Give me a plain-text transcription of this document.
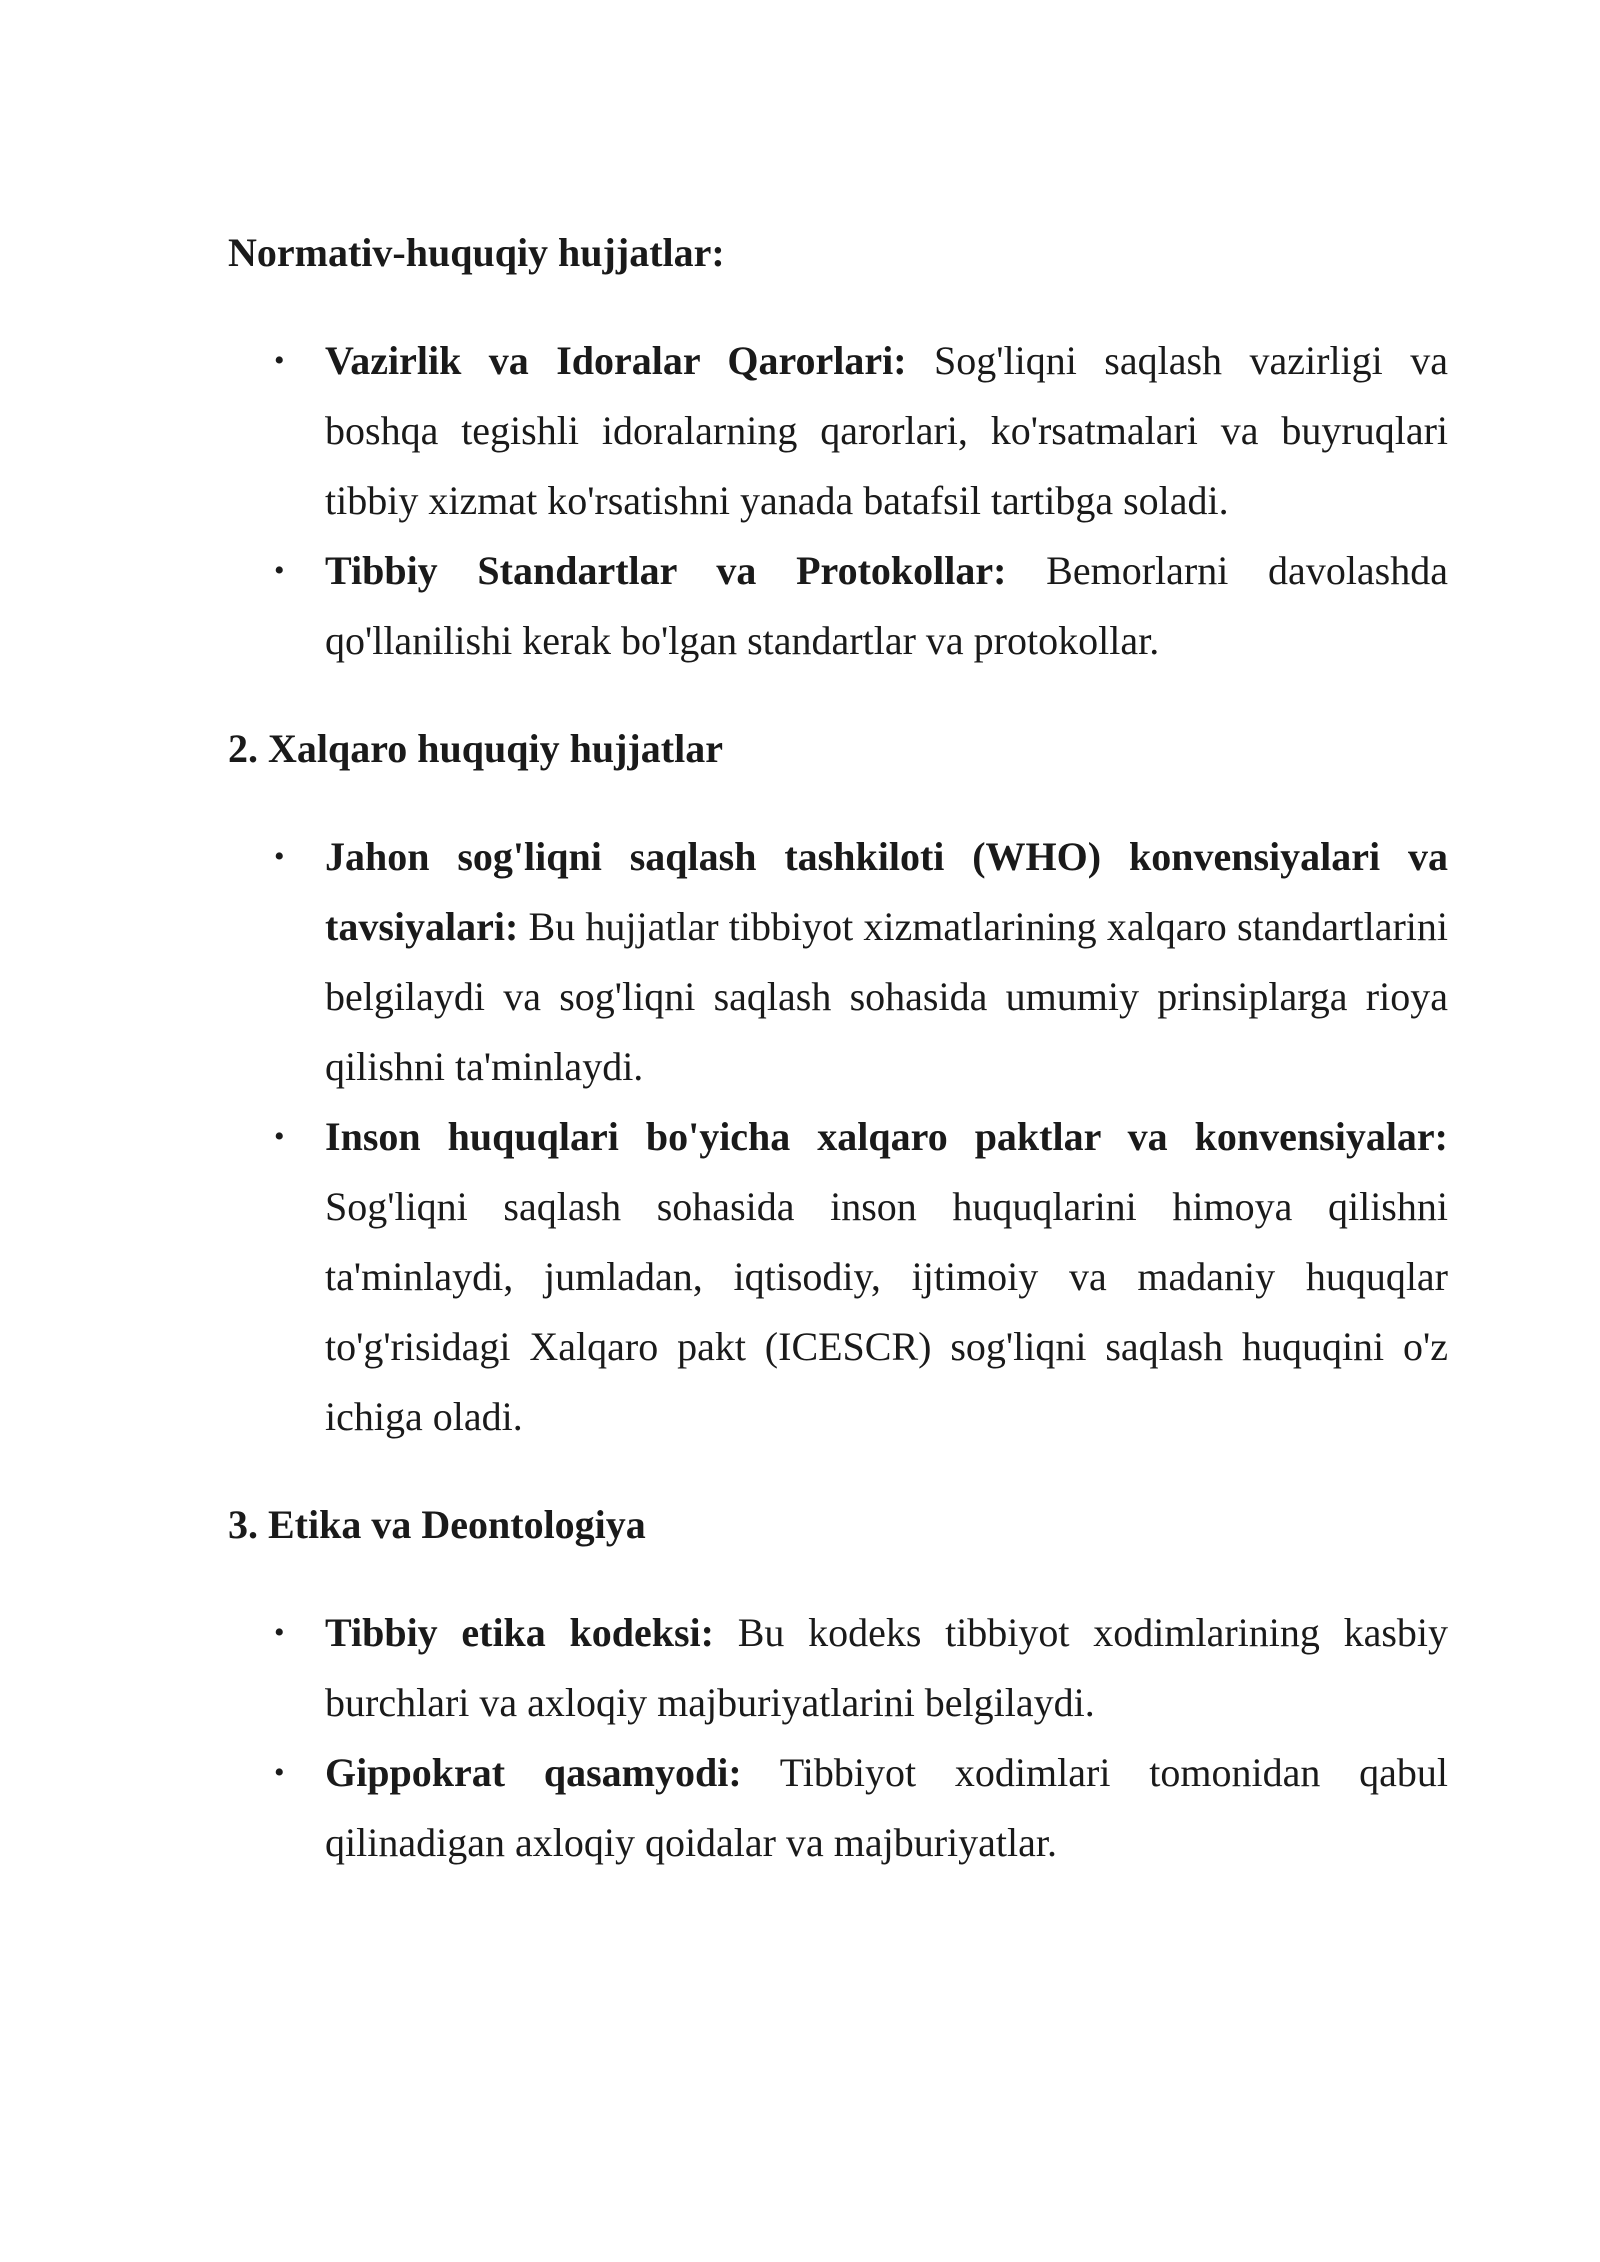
Normativ-huquqiy hujjatlar:
• Vazirlik va Idoralar Qarorlari: Sog'liqni saqlash vazirligi va boshqa tegishli idoralarning qarorlari, ko'rsatmalari va buyruqlari tibbiy xizmat ko'rsatishni yanada batafsil tartibga soladi.
• Tibbiy Standartlar va Protokollar: Bemorlarni davolashda qo'llanilishi kerak bo'lgan standartlar va protokollar.
2. Xalqaro huquqiy hujjatlar
• Jahon sog'liqni saqlash tashkiloti (WHO) konvensiyalari va tavsiyalari: Bu hujjatlar tibbiyot xizmatlarining xalqaro standartlarini belgilaydi va sog'liqni saqlash sohasida umumiy prinsiplarga rioya qilishni ta'minlaydi.
• Inson huquqlari bo'yicha xalqaro paktlar va konvensiyalar: Sog'liqni saqlash sohasida inson huquqlarini himoya qilishni ta'minlaydi, jumladan, iqtisodiy, ijtimoiy va madaniy huquqlar to'g'risidagi Xalqaro pakt (ICESCR) sog'liqni saqlash huquqini o'z ichiga oladi.
3. Etika va Deontologiya
• Tibbiy etika kodeksi: Bu kodeks tibbiyot xodimlarining kasbiy burchlari va axloqiy majburiyatlarini belgilaydi.
• Gippokrat qasamyodi: Tibbiyot xodimlari tomonidan qabul qilinadigan axloqiy qoidalar va majburiyatlar.
